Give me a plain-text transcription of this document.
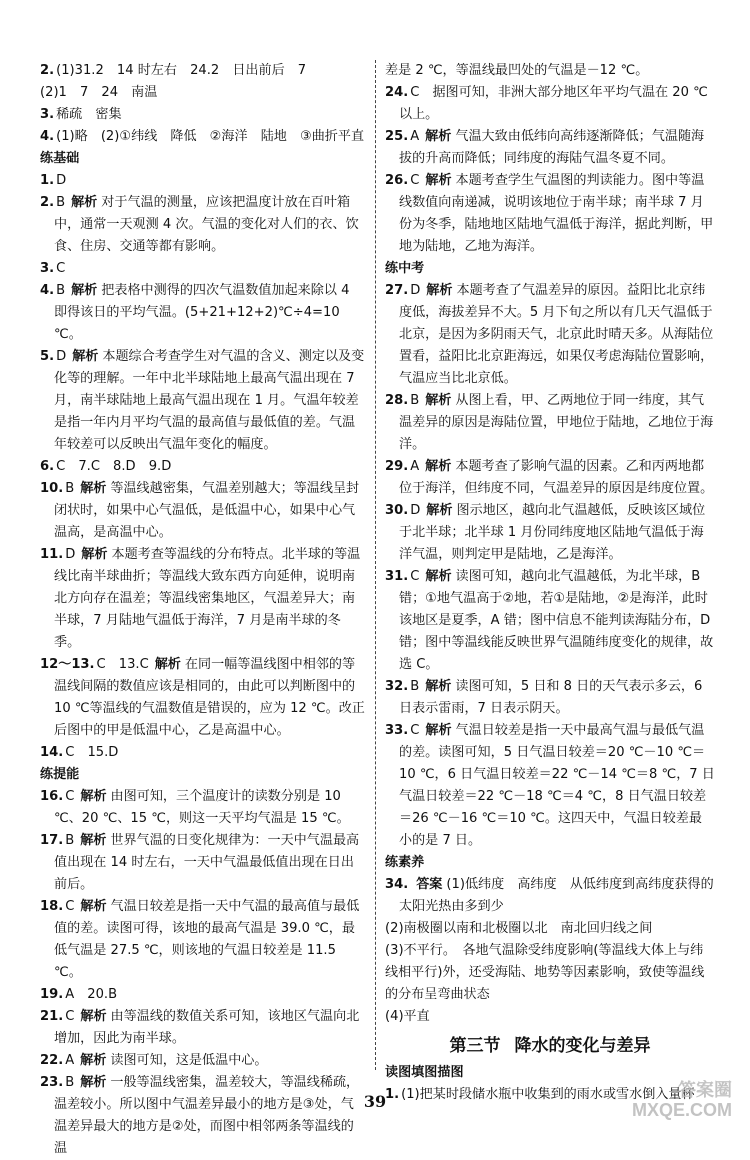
2. (1)31.2　14 时左右　24.2　日出前后　7

(2)1　7　24　南温

3. 稀疏　密集

4. (1)略　(2)①纬线　降低　②海洋　陆地　③曲折平直

练基础

1. D

2. B 解析 对于气温的测量，应该把温度计放在百叶箱中，通常一天观测 4 次。气温的变化对人们的衣、饮食、住房、交通等都有影响。

3. C

4. B 解析 把表格中测得的四次气温数值加起来除以 4 即得该日的平均气温。(5+21+12+2)℃÷4=10 ℃。

5. D 解析 本题综合考查学生对气温的含义、测定以及变化等的理解。一年中北半球陆地上最高气温出现在 7 月，南半球陆地上最高气温出现在 1 月。气温年较差是指一年内月平均气温的最高值与最低值的差。气温年较差可以反映出气温年变化的幅度。

6. C　7.C　8.D　9.D

10. B 解析 等温线越密集，气温差别越大；等温线呈封闭状时，如果中心气温低，是低温中心，如果中心气温高，是高温中心。

11. D 解析 本题考查等温线的分布特点。北半球的等温线比南半球曲折；等温线大致东西方向延伸，说明南北方向存在温差；等温线密集地区，气温差异大；南半球，7 月陆地气温低于海洋，7 月是南半球的冬季。

12～13. C　13.C 解析 在同一幅等温线图中相邻的等温线间隔的数值应该是相同的，由此可以判断图中的 10 ℃等温线的气温数值是错误的，应为 12 ℃。改正后图中的甲是低温中心，乙是高温中心。

14. C　15.D

练提能

16. C 解析 由图可知，三个温度计的读数分别是 10 ℃、20 ℃、15 ℃，则这一天平均气温是 15 ℃。

17. B 解析 世界气温的日变化规律为：一天中气温最高值出现在 14 时左右，一天中气温最低值出现在日出前后。

18. C 解析 气温日较差是指一天中气温的最高值与最低值的差。读图可得，该地的最高气温是 39.0 ℃，最低气温是 27.5 ℃，则该地的气温日较差是 11.5 ℃。

19. A　20.B

21. C 解析 由等温线的数值关系可知，该地区气温向北增加，因此为南半球。

22. A 解析 读图可知，这是低温中心。

23. B 解析 一般等温线密集，温差较大，等温线稀疏，温差较小。所以图中气温差异最小的地方是③处，气温差异最大的地方是②处，而图中相邻两条等温线的温

差是 2 ℃，等温线最凹处的气温是－12 ℃。

24. C　 据图可知，非洲大部分地区年平均气温在 20 ℃以上。

25. A 解析 气温大致由低纬向高纬逐渐降低；气温随海拔的升高而降低；同纬度的海陆气温冬夏不同。

26. C 解析 本题考查学生气温图的判读能力。图中等温线数值向南递减，说明该地位于南半球；南半球 7 月份为冬季，陆地地区陆地气温低于海洋，据此判断，甲地为陆地，乙地为海洋。

练中考

27. D 解析 本题考查了气温差异的原因。益阳比北京纬度低，海拔差异不大。5 月下旬之所以有几天气温低于北京，是因为多阴雨天气，北京此时晴天多。从海陆位置看，益阳比北京距海远，如果仅考虑海陆位置影响，气温应当比北京低。

28. B 解析 从图上看，甲、乙两地位于同一纬度，其气温差异的原因是海陆位置，甲地位于陆地，乙地位于海洋。

29. A 解析 本题考查了影响气温的因素。乙和丙两地都位于海洋，但纬度不同，气温差异的原因是纬度位置。

30. D 解析 图示地区，越向北气温越低，反映该区域位于北半球；北半球 1 月份同纬度地区陆地气温低于海洋气温，则判定甲是陆地，乙是海洋。

31. C 解析 读图可知，越向北气温越低，为北半球，B 错；①地气温高于②地，若①是陆地，②是海洋，此时该地区是夏季，A 错；图中信息不能判读海陆分布，D 错；图中等温线能反映世界气温随纬度变化的规律，故选 C。

32. B 解析 读图可知，5 日和 8 日的天气表示多云，6 日表示雷雨，7 日表示阴天。

33. C 解析 气温日较差是指一天中最高气温与最低气温的差。读图可知，5 日气温日较差＝20 ℃－10 ℃＝10 ℃，6 日气温日较差＝22 ℃－14 ℃＝8 ℃，7 日气温日较差＝22 ℃－18 ℃＝4 ℃，8 日气温日较差＝26 ℃－16 ℃＝10 ℃。这四天中，气温日较差最小的是 7 日。

练素养

34. 答案 (1)低纬度　高纬度　从低纬度到高纬度获得的太阳光热由多到少

(2)南极圈以南和北极圈以北　南北回归线之间

(3)不平行。　各地气温除受纬度影响(等温线大体上与纬线相平行)外，还受海陆、地势等因素影响，致使等温线的分布呈弯曲状态

(4)平直

第三节 降水的变化与差异

读图填图描图

1. (1)把某时段储水瓶中收集到的雨水或雪水倒入量杯

39
答案圈
MXQE.COM
